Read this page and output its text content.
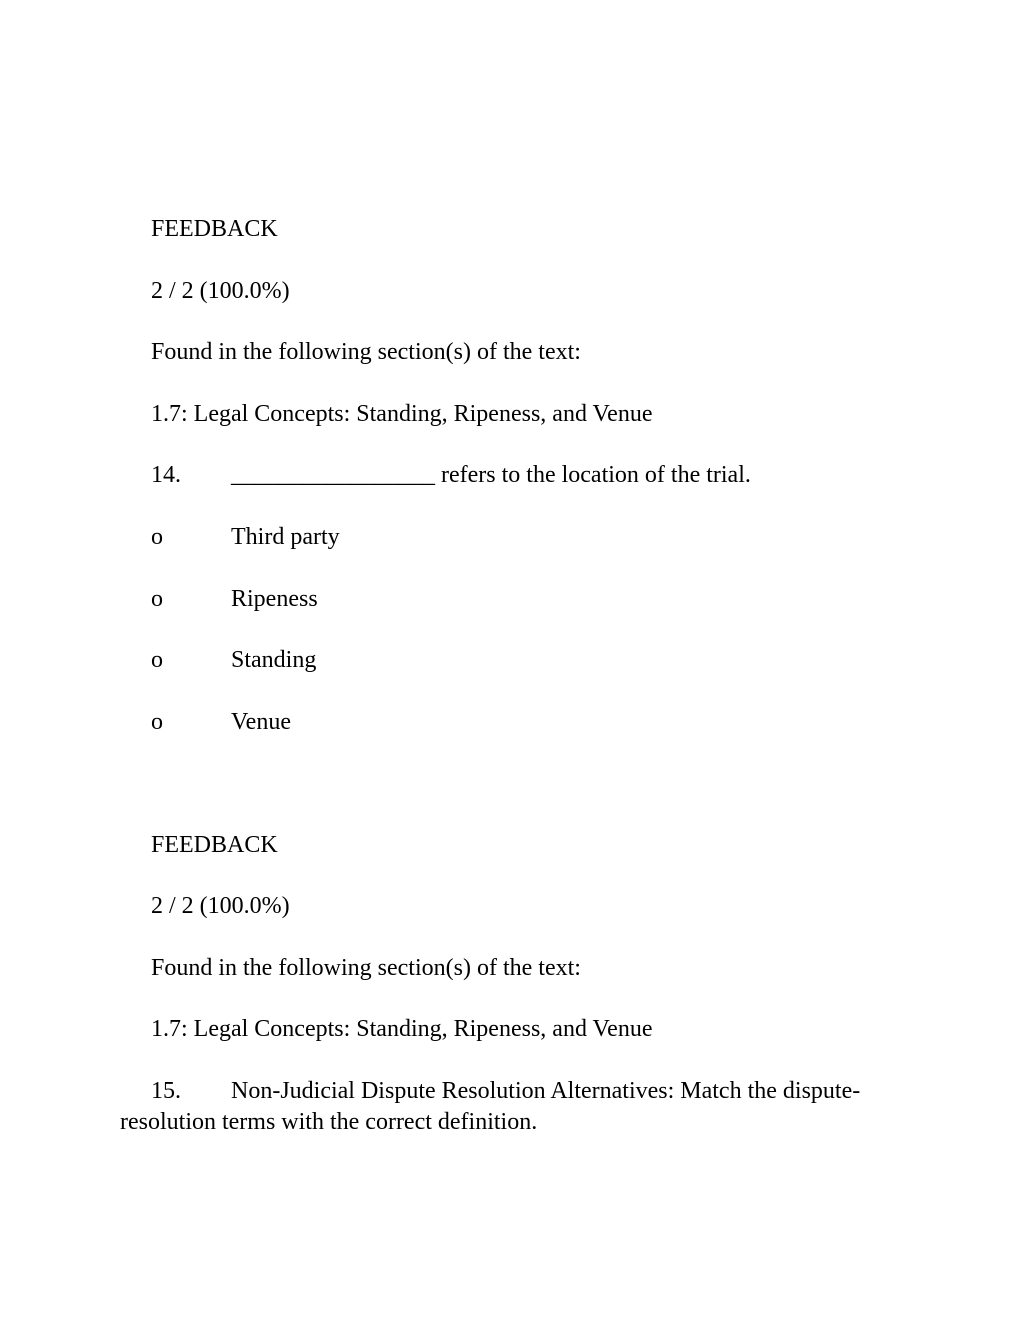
FEEDBACK
2 / 2 (100.0%)
Found in the following section(s) of the text:
1.7: Legal Concepts: Standing, Ripeness, and Venue
14. _________________ refers to the location of the trial.
o	Third party
o	Ripeness
o	Standing
o	Venue
FEEDBACK
2 / 2 (100.0%)
Found in the following section(s) of the text:
1.7: Legal Concepts: Standing, Ripeness, and Venue
15. Non-Judicial Dispute Resolution Alternatives: Match the dispute-resolution terms with the correct definition.
